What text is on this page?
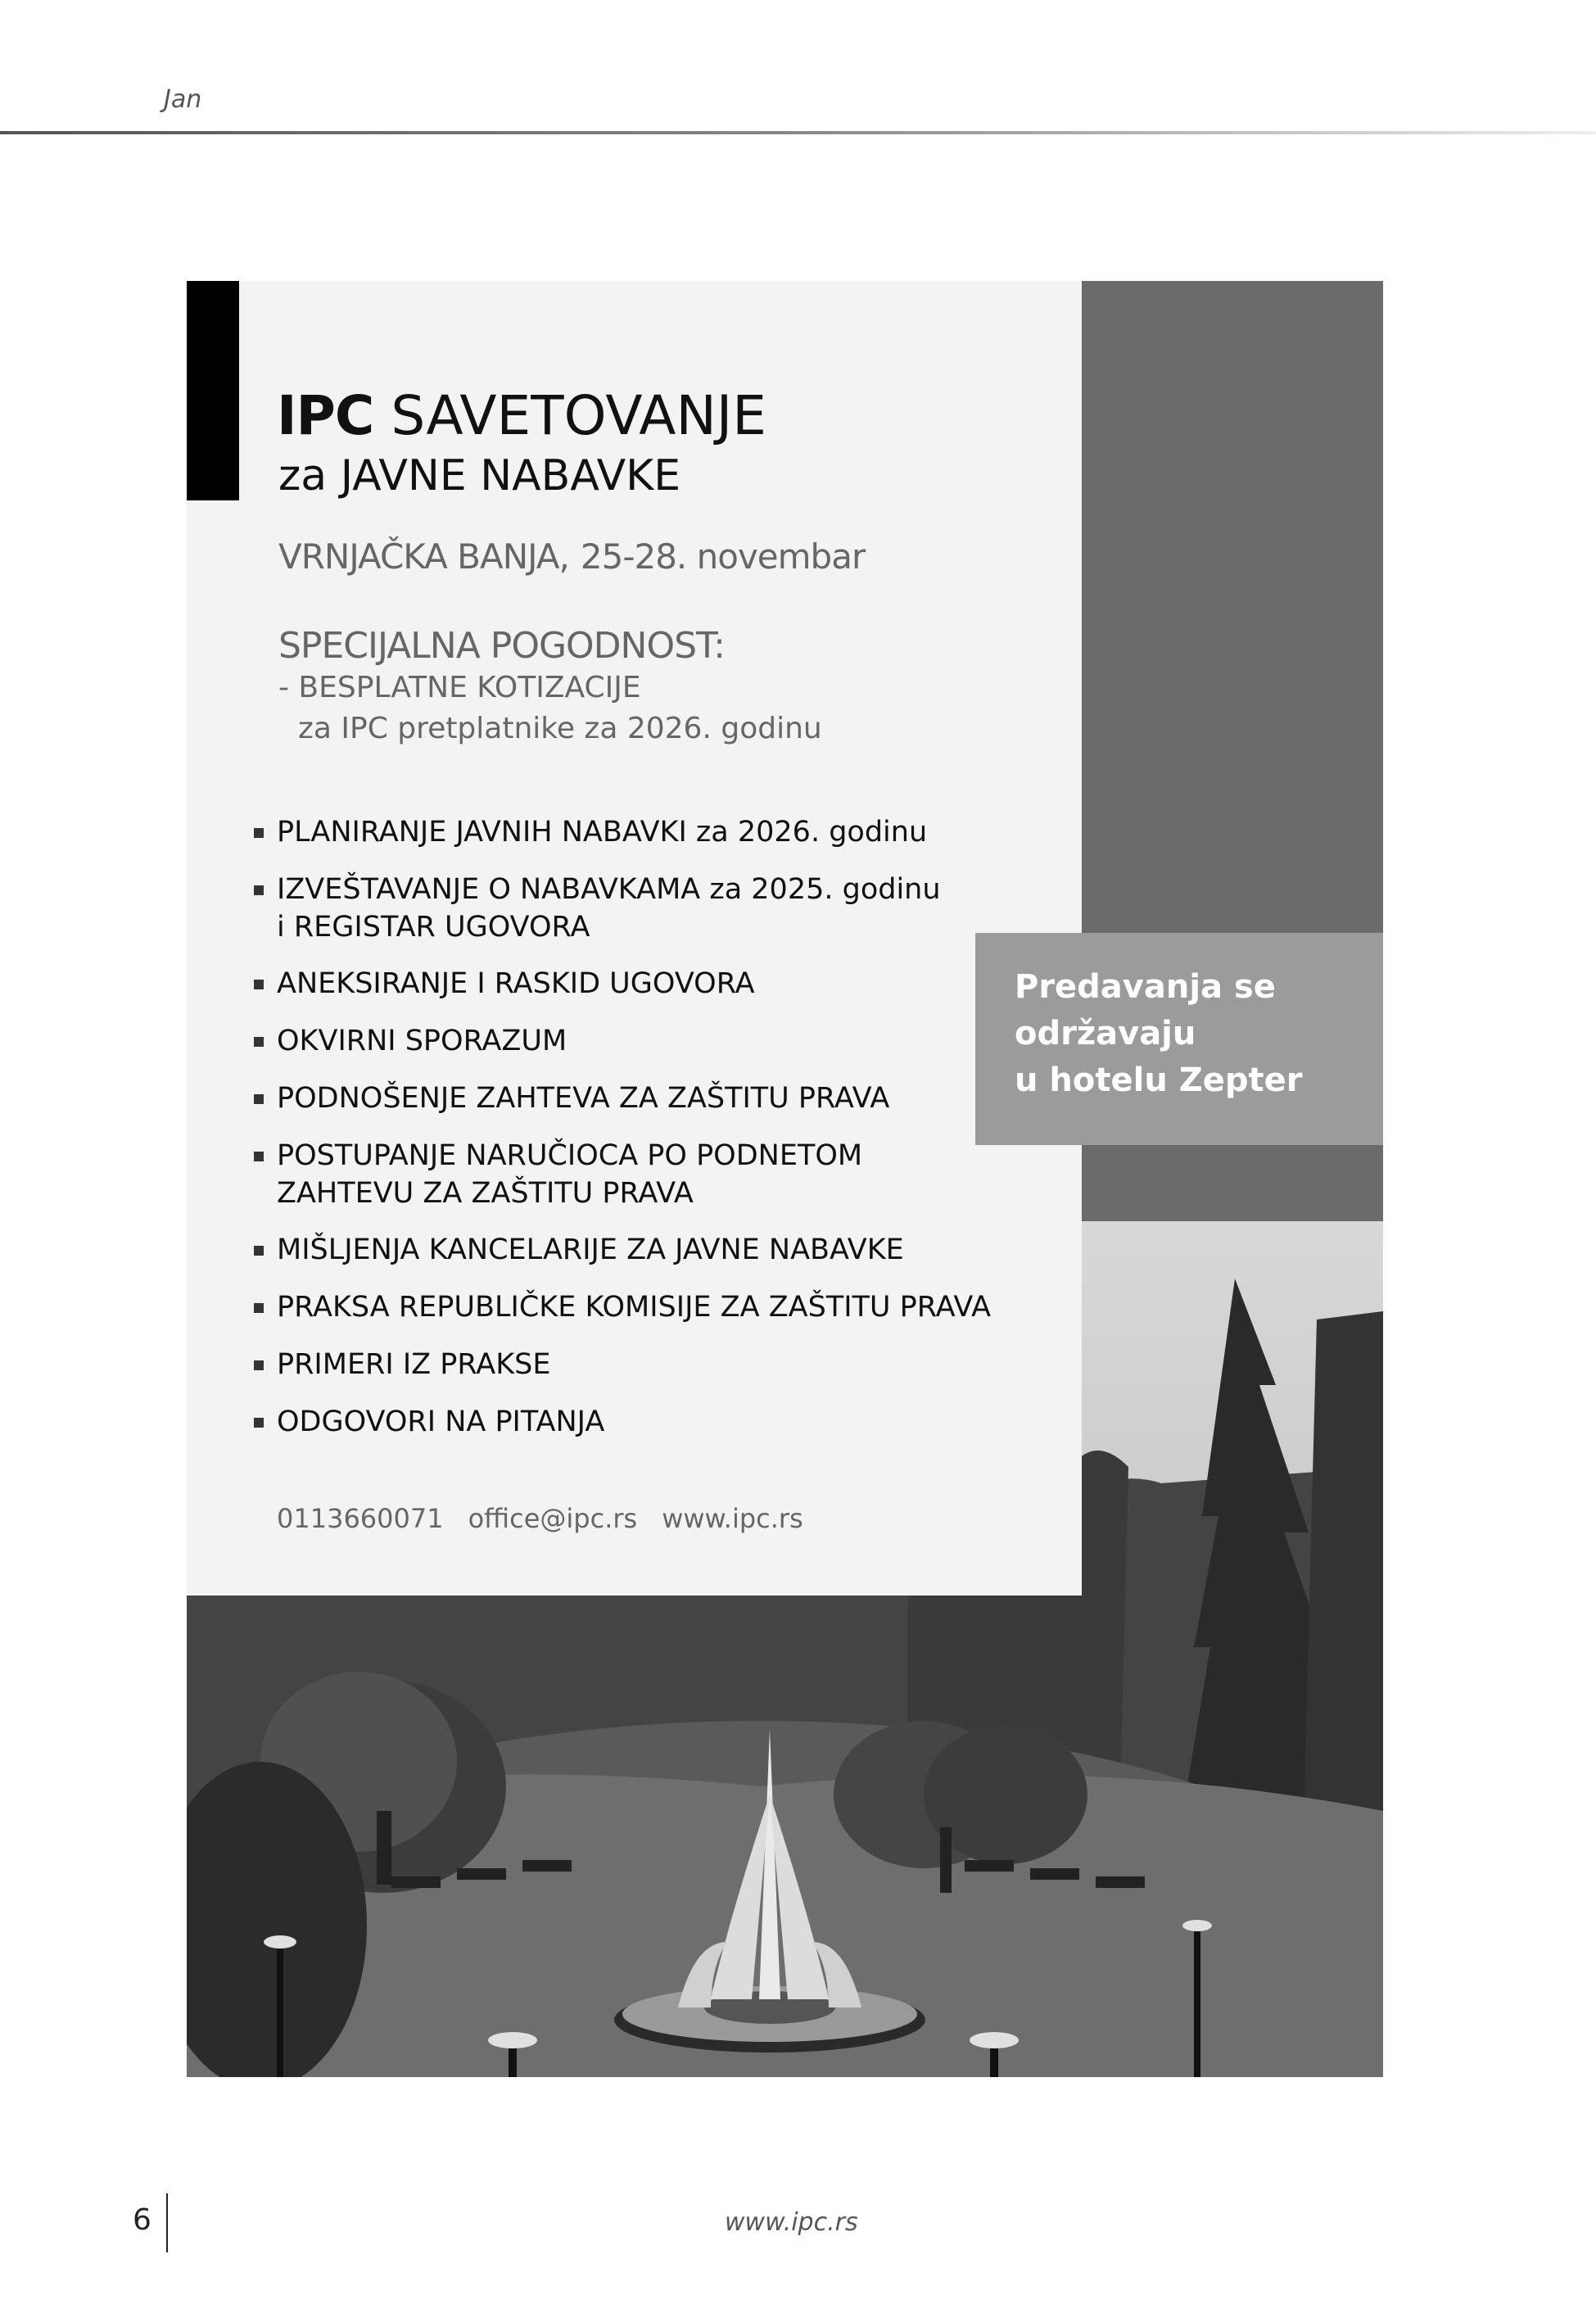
Jan
IPC SAVETOVANJE
za JAVNE NABAVKE
VRNJAČKA BANJA, 25-28. novembar
SPECIJALNA POGODNOST:
- BESPLATNE KOTIZACIJE
za IPC pretplatnike za 2026. godinu
PLANIRANJE JAVNIH NABAVKI za 2026. godinu
IZVEŠTAVANJE O NABAVKAMA za 2025. godinu
i REGISTAR UGOVORA
ANEKSIRANJE I RASKID UGOVORA
OKVIRNI SPORAZUM
PODNOŠENJE ZAHTEVA ZA ZAŠTITU PRAVA
POSTUPANJE NARUČIOCA PO PODNETOM
ZAHTEVU ZA ZAŠTITU PRAVA
MIŠLJENJA KANCELARIJE ZA JAVNE NABAVKE
PRAKSA REPUBLIČKE KOMISIJE ZA ZAŠTITU PRAVA
PRIMERI IZ PRAKSE
ODGOVORI NA PITANJA
0113660071 office@ipc.rs www.ipc.rs
Predavanja se
održavaju
u hotelu Zepter
6	www.ipc.rs
